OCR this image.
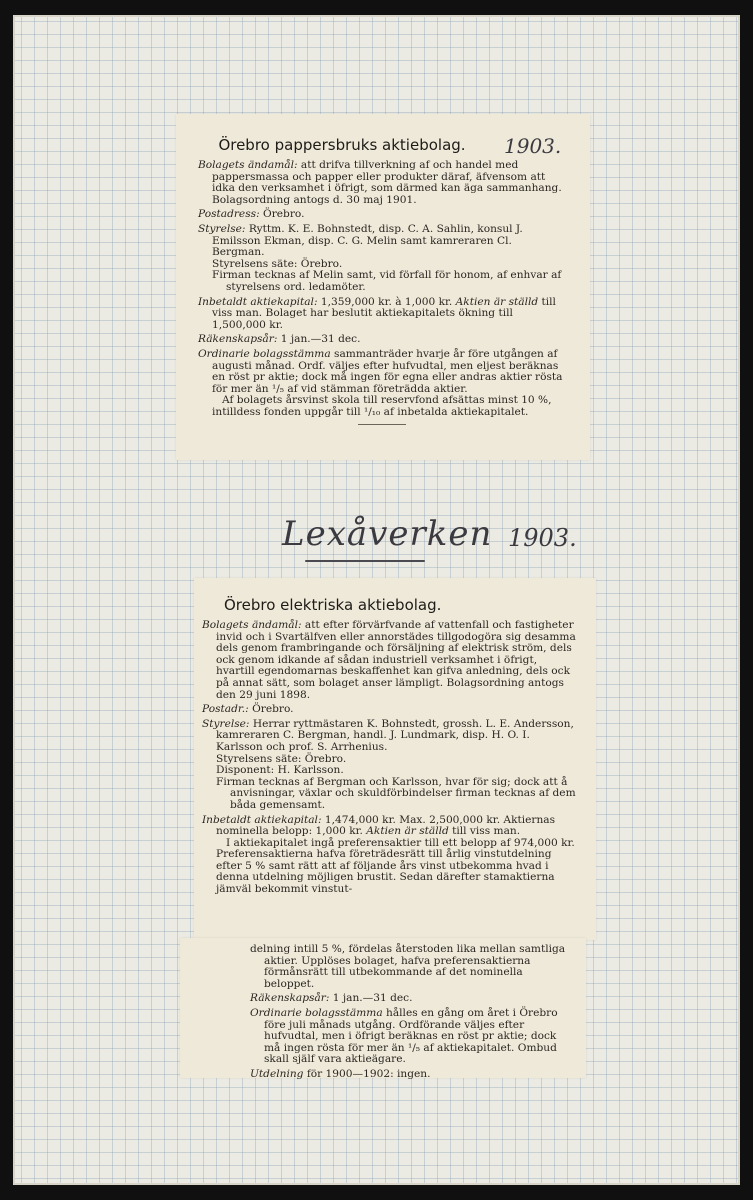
Örebro pappersbruks aktiebolag.
Bolagets ändamål: att drifva tillverkning af och handel med pappersmassa och papper eller produkter däraf, äfvensom att idka den verksamhet i öfrigt, som därmed kan äga sammanhang. Bolagsordning antogs d. 30 maj 1901.
Postadress: Örebro.
Styrelse: Ryttm. K. E. Bohnstedt, disp. C. A. Sahlin, konsul J. Emilsson Ekman, disp. C. G. Melin samt kamreraren Cl. Bergman.
Styrelsens säte: Örebro.
Firman tecknas af Melin samt, vid förfall för honom, af enhvar af styrelsens ord. ledamöter.
Inbetaldt aktiekapital: 1,359,000 kr. à 1,000 kr. Aktien är ställd till viss man. Bolaget har beslutit aktiekapitalets ökning till 1,500,000 kr.
Räkenskapsår: 1 jan.—31 dec.
Ordinarie bolagsstämma sammanträder hvarje år före utgången af augusti månad. Ordf. väljes efter hufvudtal, men eljest beräknas en röst pr aktie; dock må ingen för egna eller andras aktier rösta för mer än ¹/₅ af vid stämman företrädda aktier.
Af bolagets årsvinst skola till reservfond afsättas minst 10 %, intilldess fonden uppgår till ¹/₁₀ af inbetalda aktiekapitalet.
1903.
Lexåverken 1903.
Örebro elektriska aktiebolag.
Bolagets ändamål: att efter förvärfvande af vattenfall och fastigheter invid och i Svartälfven eller annorstädes tillgodogöra sig desamma dels genom frambringande och försäljning af elektrisk ström, dels ock genom idkande af sådan industriell verksamhet i öfrigt, hvartill egendomarnas beskaffenhet kan gifva anledning, dels ock på annat sätt, som bolaget anser lämpligt. Bolagsordning antogs den 29 juni 1898.
Postadr.: Örebro.
Styrelse: Herrar ryttmästaren K. Bohnstedt, grossh. L. E. Andersson, kamreraren C. Bergman, handl. J. Lundmark, disp. H. O. I. Karlsson och prof. S. Arrhenius.
Styrelsens säte: Örebro.
Disponent: H. Karlsson.
Firman tecknas af Bergman och Karlsson, hvar för sig; dock att å anvisningar, växlar och skuldförbindelser firman tecknas af dem båda gemensamt.
Inbetaldt aktiekapital: 1,474,000 kr. Max. 2,500,000 kr. Aktiernas nominella belopp: 1,000 kr. Aktien är ställd till viss man.
I aktiekapitalet ingå preferensaktier till ett belopp af 974,000 kr. Preferensaktierna hafva företrädesrätt till årlig vinstutdelning efter 5 % samt rätt att af följande års vinst utbekomma hvad i denna utdelning möjligen brustit. Sedan därefter stamaktierna jämväl bekommit vinstut-
delning intill 5 %, fördelas återstoden lika mellan samtliga aktier. Upplöses bolaget, hafva preferensaktierna förmånsrätt till utbekommande af det nominella beloppet.
Räkenskapsår: 1 jan.—31 dec.
Ordinarie bolagsstämma hålles en gång om året i Örebro före juli månads utgång. Ordförande väljes efter hufvudtal, men i öfrigt beräknas en röst pr aktie; dock må ingen rösta för mer än ¹/₅ af aktiekapitalet. Ombud skall själf vara aktieägare.
Utdelning för 1900—1902: ingen.
